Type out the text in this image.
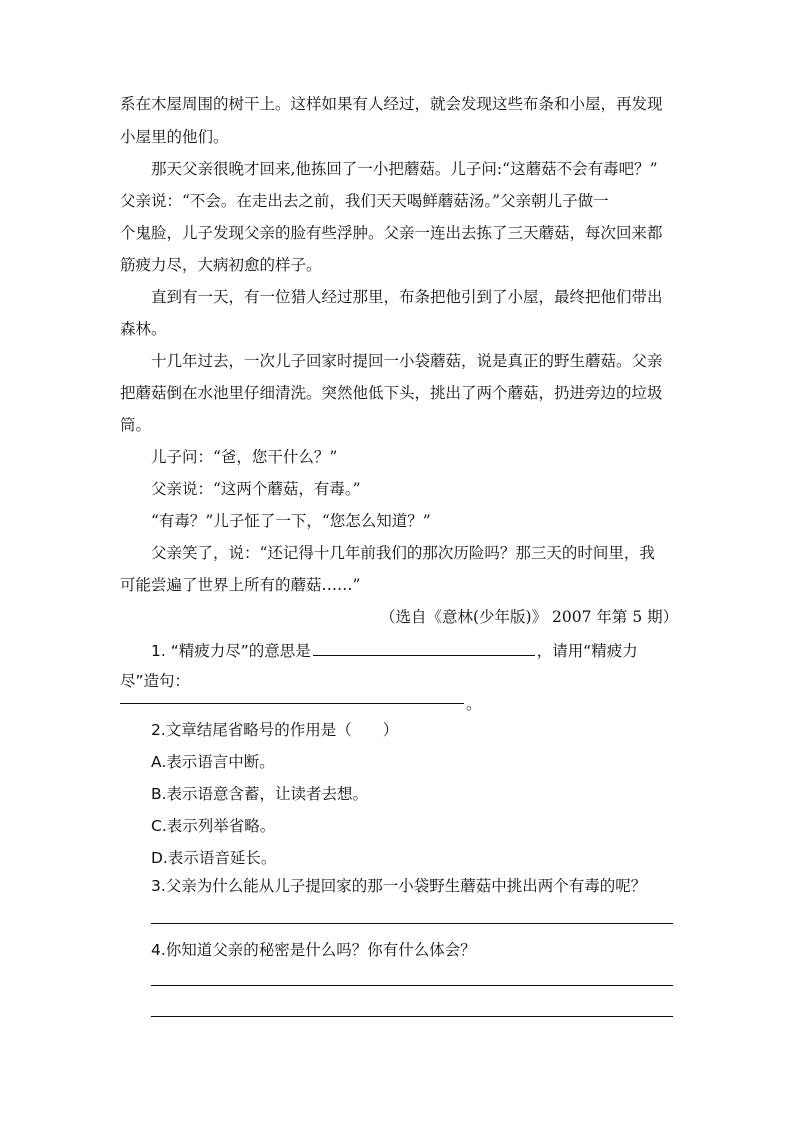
系在木屋周围的树干上。这样如果有人经过，就会发现这些布条和小屋，再发现
小屋里的他们。
那天父亲很晚才回来,他拣回了一小把蘑菇。儿子问:“这蘑菇不会有毒吧？”
父亲说：“不会。在走出去之前，我们天天喝鲜蘑菇汤。”父亲朝儿子做一
个鬼脸，儿子发现父亲的脸有些浮肿。父亲一连出去拣了三天蘑菇，每次回来都
筋疲力尽，大病初愈的样子。
直到有一天，有一位猎人经过那里，布条把他引到了小屋，最终把他们带出
森林。
十几年过去，一次儿子回家时提回一小袋蘑菇，说是真正的野生蘑菇。父亲
把蘑菇倒在水池里仔细清洗。突然他低下头，挑出了两个蘑菇，扔进旁边的垃圾
筒。
儿子问：“爸，您干什么？”
父亲说：“这两个蘑菇，有毒。”
“有毒？”儿子怔了一下，“您怎么知道？”
父亲笑了，说：“还记得十几年前我们的那次历险吗？那三天的时间里，我
可能尝遍了世界上所有的蘑菇……”
（选自《意林(少年版)》 2007 年第 5 期）
1. “精疲力尽”的意思是	，请用“精疲力
尽”造句：
。
2.文章结尾省略号的作用是（　　）
A.表示语言中断。
B.表示语意含蓄，让读者去想。
C.表示列举省略。
D.表示语音延长。
3.父亲为什么能从儿子提回家的那一小袋野生蘑菇中挑出两个有毒的呢？
4.你知道父亲的秘密是什么吗？你有什么体会？
